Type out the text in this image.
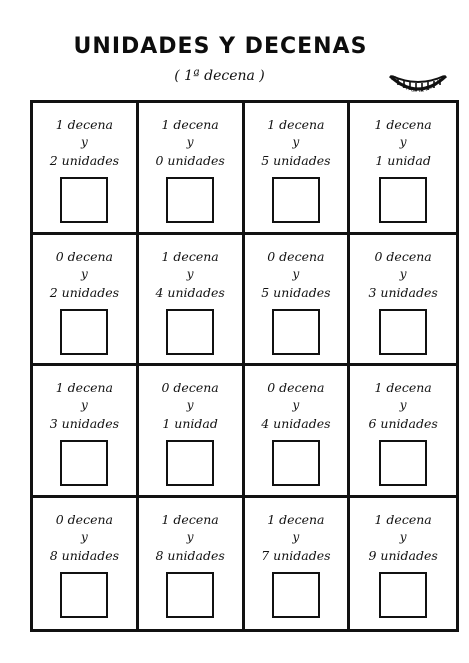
UNIDADES Y DECENAS
( 1ª decena )	Jose M. de la Rosa S.
1 decena
y
2 unidades
1 decena
y
0 unidades
1 decena
y
5 unidades
1 decena
y
1 unidad
0 decena
y
2 unidades
1 decena
y
4 unidades
0 decena
y
5 unidades
0 decena
y
3 unidades
1 decena
y
3 unidades
0 decena
y
1 unidad
0 decena
y
4 unidades
1 decena
y
6 unidades
0 decena
y
8 unidades
1 decena
y
8 unidades
1 decena
y
7 unidades
1 decena
y
9 unidades
